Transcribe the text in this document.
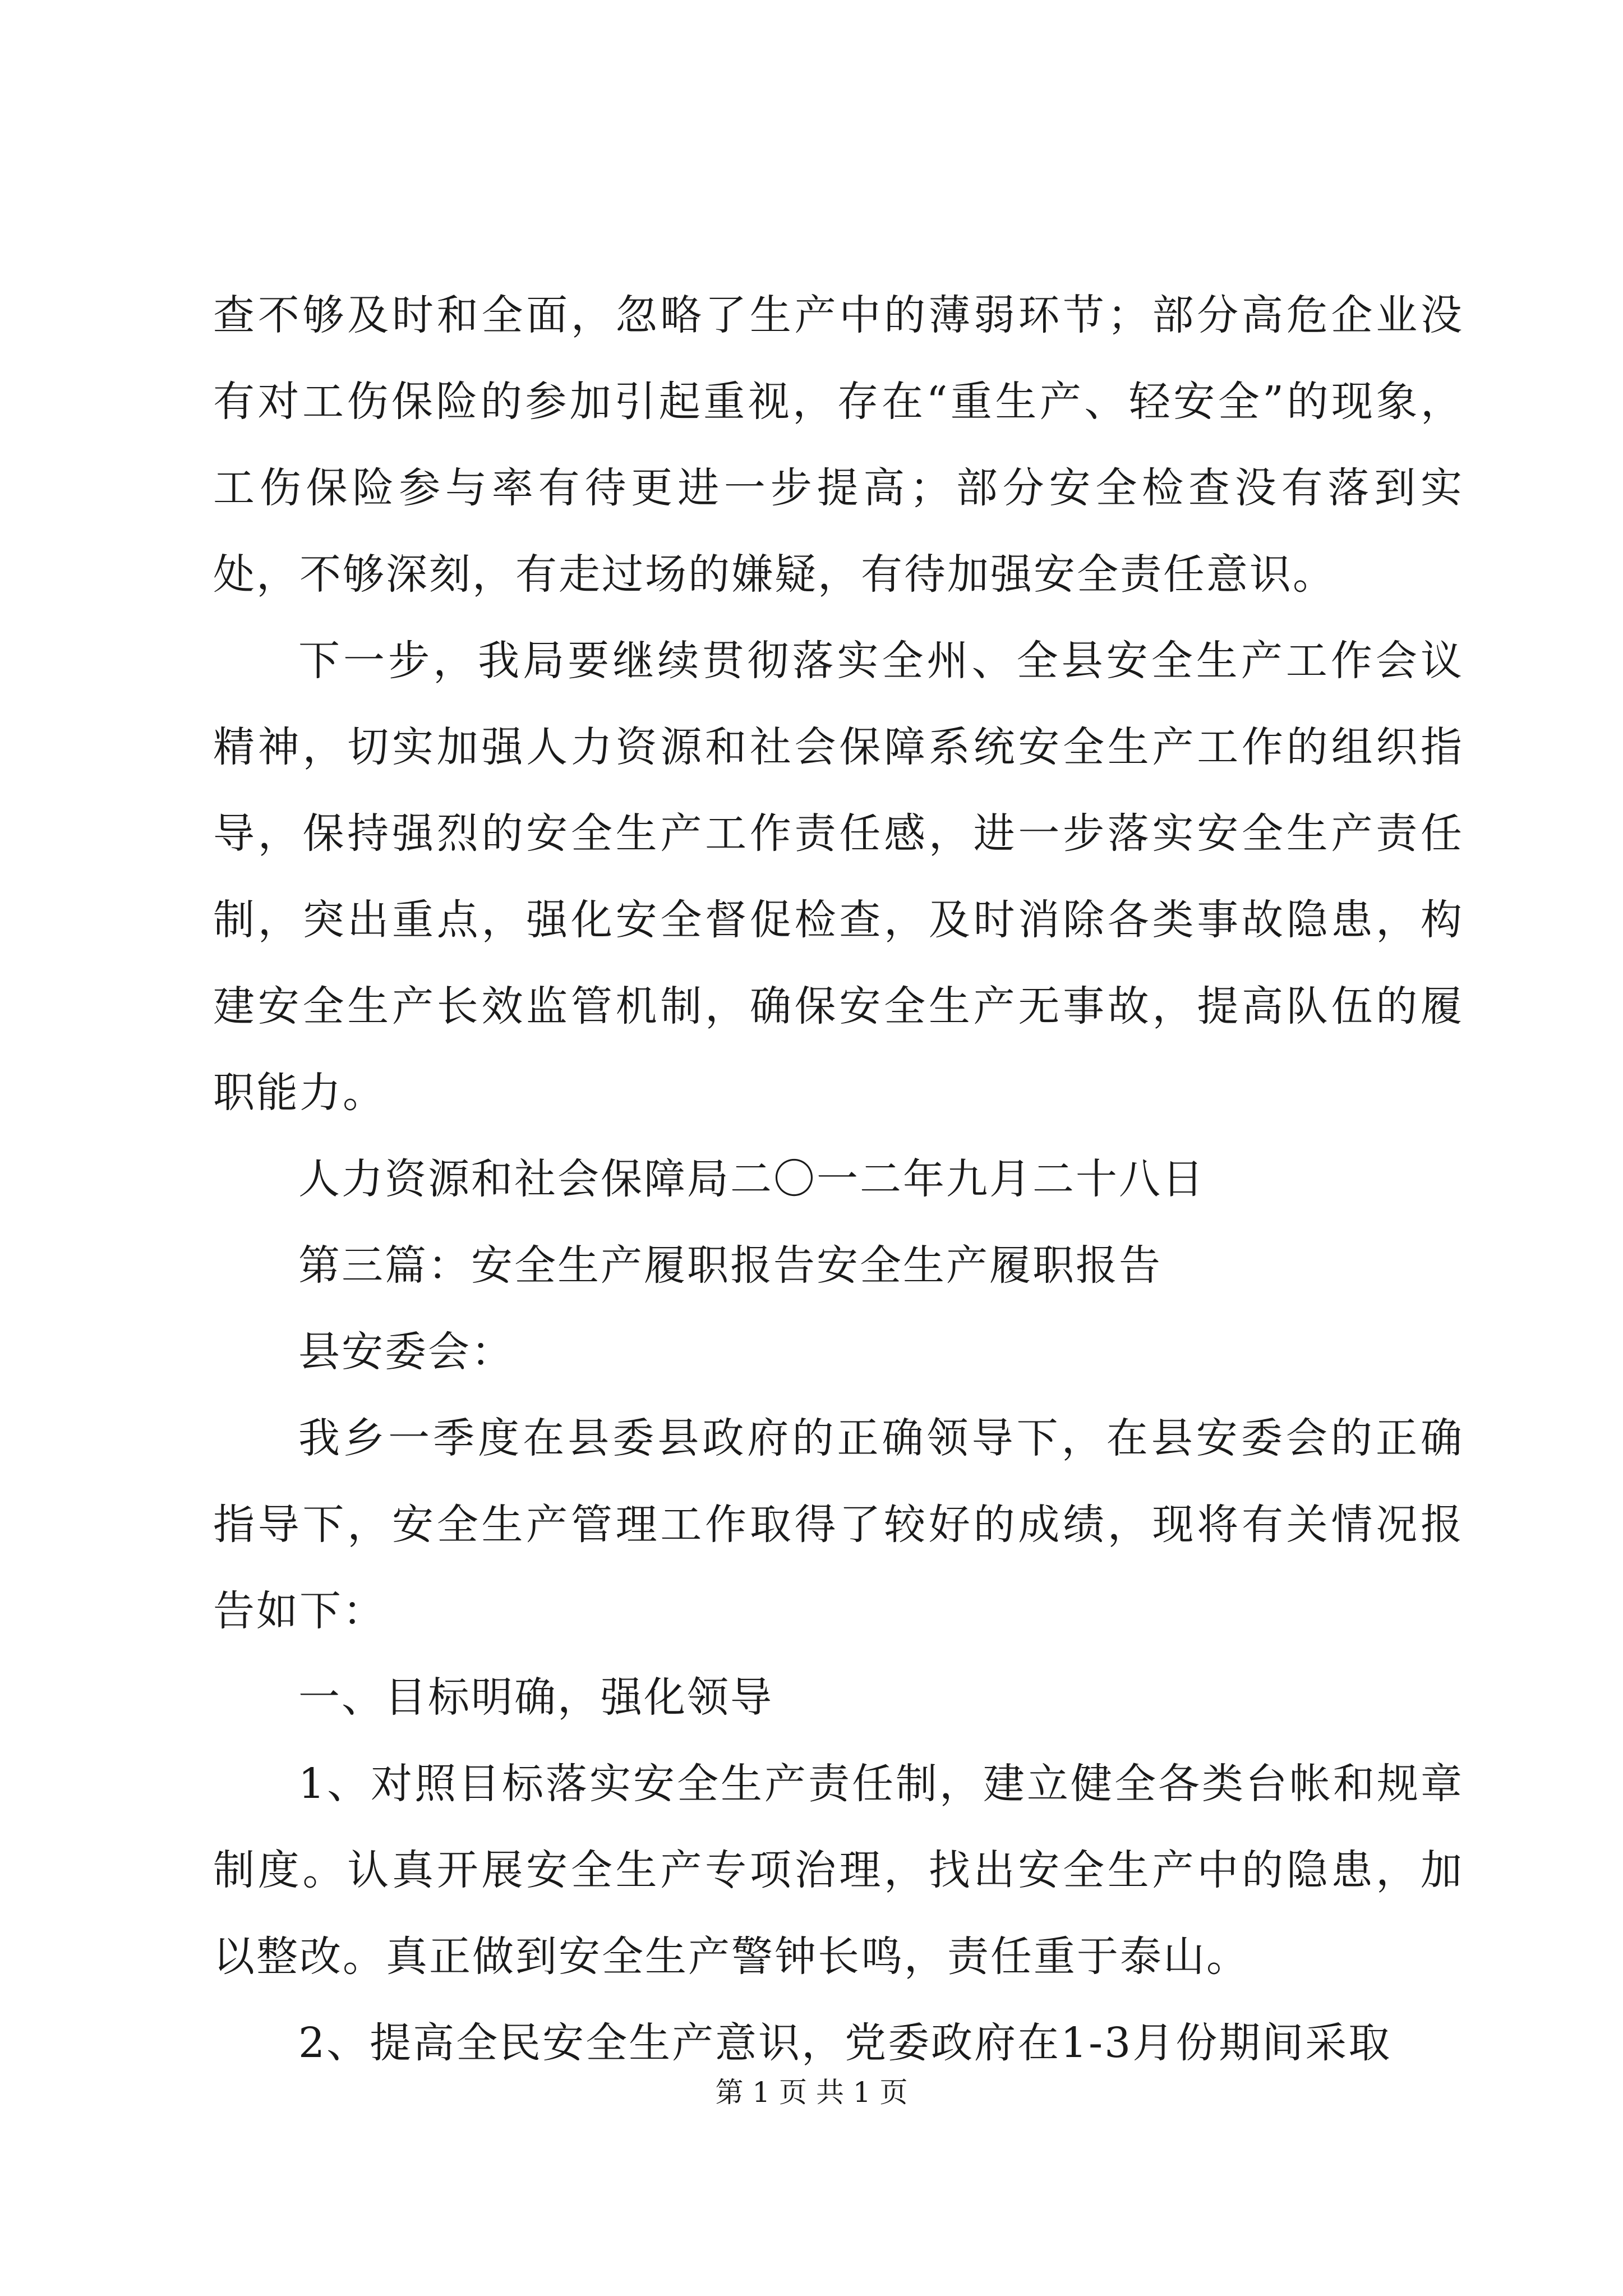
查不够及时和全面，忽略了生产中的薄弱环节；部分高危企业没有对工伤保险的参加引起重视，存在“重生产、轻安全”的现象，工伤保险参与率有待更进一步提高；部分安全检查没有落到实处，不够深刻，有走过场的嫌疑，有待加强安全责任意识。

下一步，我局要继续贯彻落实全州、全县安全生产工作会议精神，切实加强人力资源和社会保障系统安全生产工作的组织指导，保持强烈的安全生产工作责任感，进一步落实安全生产责任制，突出重点，强化安全督促检查，及时消除各类事故隐患，构建安全生产长效监管机制，确保安全生产无事故，提高队伍的履职能力。

人力资源和社会保障局二〇一二年九月二十八日

第三篇：安全生产履职报告安全生产履职报告

县安委会：

我乡一季度在县委县政府的正确领导下，在县安委会的正确指导下，安全生产管理工作取得了较好的成绩，现将有关情况报告如下：

一、目标明确，强化领导

1、对照目标落实安全生产责任制，建立健全各类台帐和规章制度。认真开展安全生产专项治理，找出安全生产中的隐患，加以整改。真正做到安全生产警钟长鸣，责任重于泰山。

2、提高全民安全生产意识，党委政府在1-3月份期间采取

第 1 页 共 1 页
